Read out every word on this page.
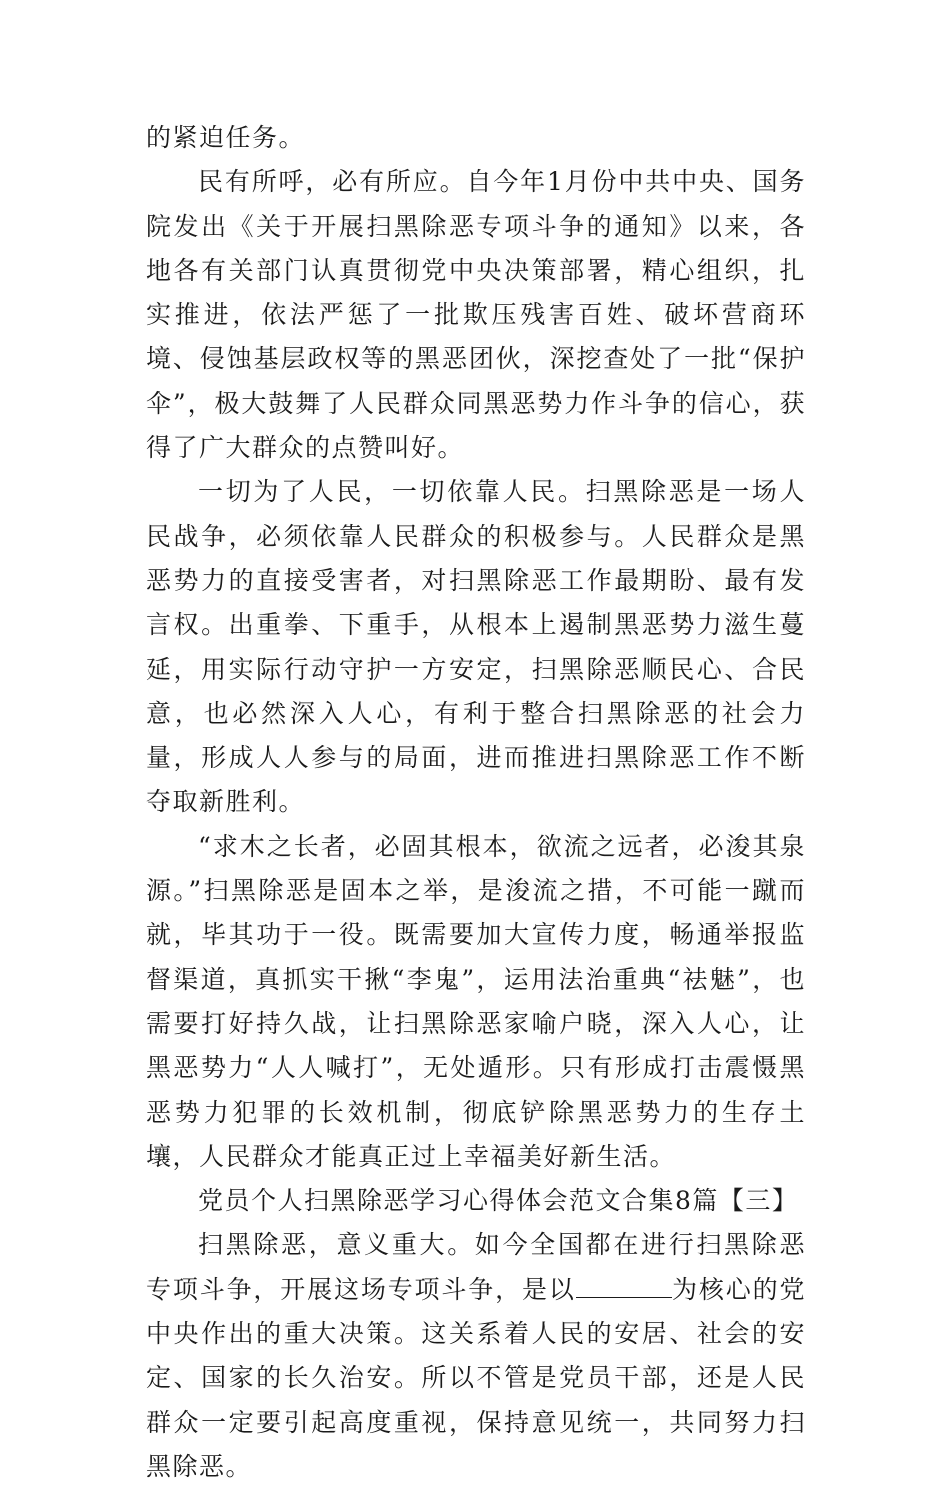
的紧迫任务。

民有所呼，必有所应。自今年1月份中共中央、国务院发出《关于开展扫黑除恶专项斗争的通知》以来，各地各有关部门认真贯彻党中央决策部署，精心组织，扎实推进，依法严惩了一批欺压残害百姓、破坏营商环境、侵蚀基层政权等的黑恶团伙，深挖查处了一批“保护伞”，极大鼓舞了人民群众同黑恶势力作斗争的信心，获得了广大群众的点赞叫好。

一切为了人民，一切依靠人民。扫黑除恶是一场人民战争，必须依靠人民群众的积极参与。人民群众是黑恶势力的直接受害者，对扫黑除恶工作最期盼、最有发言权。出重拳、下重手，从根本上遏制黑恶势力滋生蔓延，用实际行动守护一方安定，扫黑除恶顺民心、合民意，也必然深入人心，有利于整合扫黑除恶的社会力量，形成人人参与的局面，进而推进扫黑除恶工作不断夺取新胜利。

“求木之长者，必固其根本，欲流之远者，必浚其泉源。”扫黑除恶是固本之举，是浚流之措，不可能一蹴而就，毕其功于一役。既需要加大宣传力度，畅通举报监督渠道，真抓实干揪“李鬼”，运用法治重典“祛魅”，也需要打好持久战，让扫黑除恶家喻户晓，深入人心，让黑恶势力“人人喊打”，无处遁形。只有形成打击震慑黑恶势力犯罪的长效机制，彻底铲除黑恶势力的生存土壤，人民群众才能真正过上幸福美好新生活。

党员个人扫黑除恶学习心得体会范文合集8篇【三】

扫黑除恶，意义重大。如今全国都在进行扫黑除恶专项斗争，开展这场专项斗争，是以	为核心的党中央作出的重大决策。这关系着人民的安居、社会的安定、国家的长久治安。所以不管是党员干部，还是人民群众一定要引起高度重视，保持意见统一，共同努力扫黑除恶。
